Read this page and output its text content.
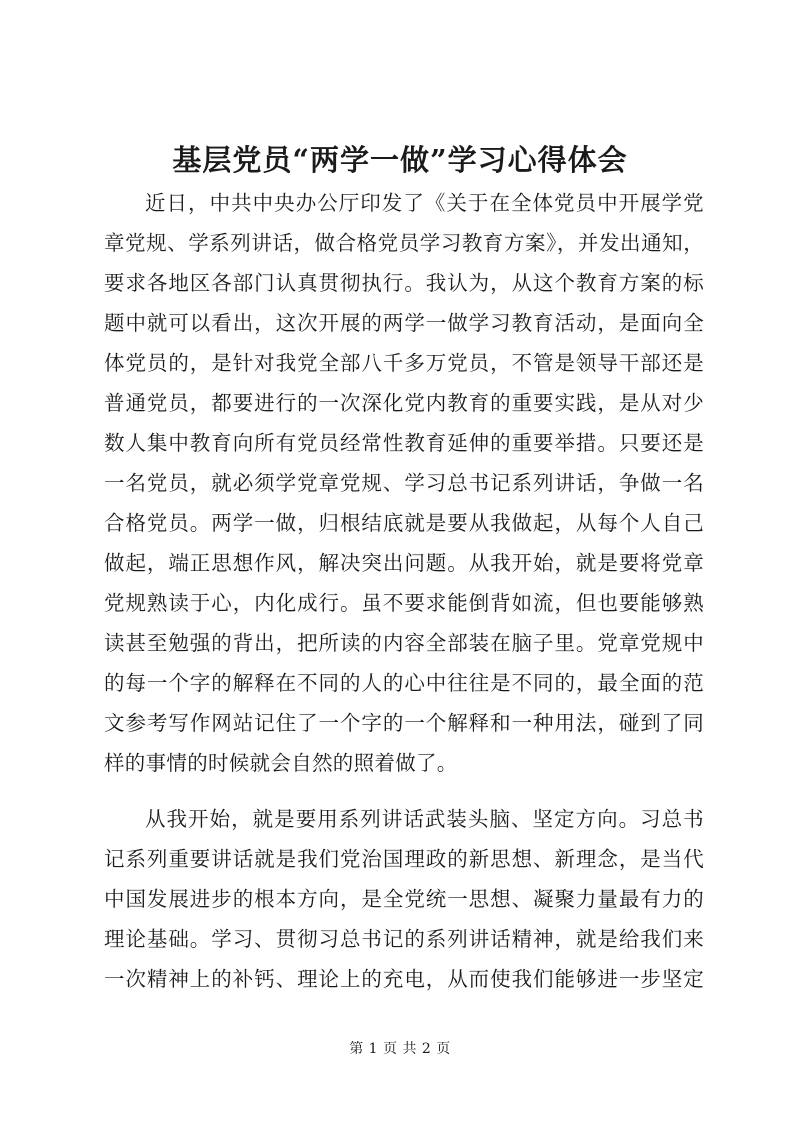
基层党员“两学一做”学习心得体会
近日，中共中央办公厅印发了《关于在全体党员中开展学党
章党规、学系列讲话，做合格党员学习教育方案》，并发出通知，
要求各地区各部门认真贯彻执行。我认为，从这个教育方案的标
题中就可以看出，这次开展的两学一做学习教育活动，是面向全
体党员的，是针对我党全部八千多万党员，不管是领导干部还是
普通党员，都要进行的一次深化党内教育的重要实践，是从对少
数人集中教育向所有党员经常性教育延伸的重要举措。只要还是
一名党员，就必须学党章党规、学习总书记系列讲话，争做一名
合格党员。两学一做，归根结底就是要从我做起，从每个人自己
做起，端正思想作风，解决突出问题。从我开始，就是要将党章
党规熟读于心，内化成行。虽不要求能倒背如流，但也要能够熟
读甚至勉强的背出，把所读的内容全部装在脑子里。党章党规中
的每一个字的解释在不同的人的心中往往是不同的，最全面的范
文参考写作网站记住了一个字的一个解释和一种用法，碰到了同
样的事情的时候就会自然的照着做了。
从我开始，就是要用系列讲话武装头脑、坚定方向。习总书
记系列重要讲话就是我们党治国理政的新思想、新理念，是当代
中国发展进步的根本方向，是全党统一思想、凝聚力量最有力的
理论基础。学习、贯彻习总书记的系列讲话精神，就是给我们来
一次精神上的补钙、理论上的充电，从而使我们能够进一步坚定
第 1 页 共 2 页
